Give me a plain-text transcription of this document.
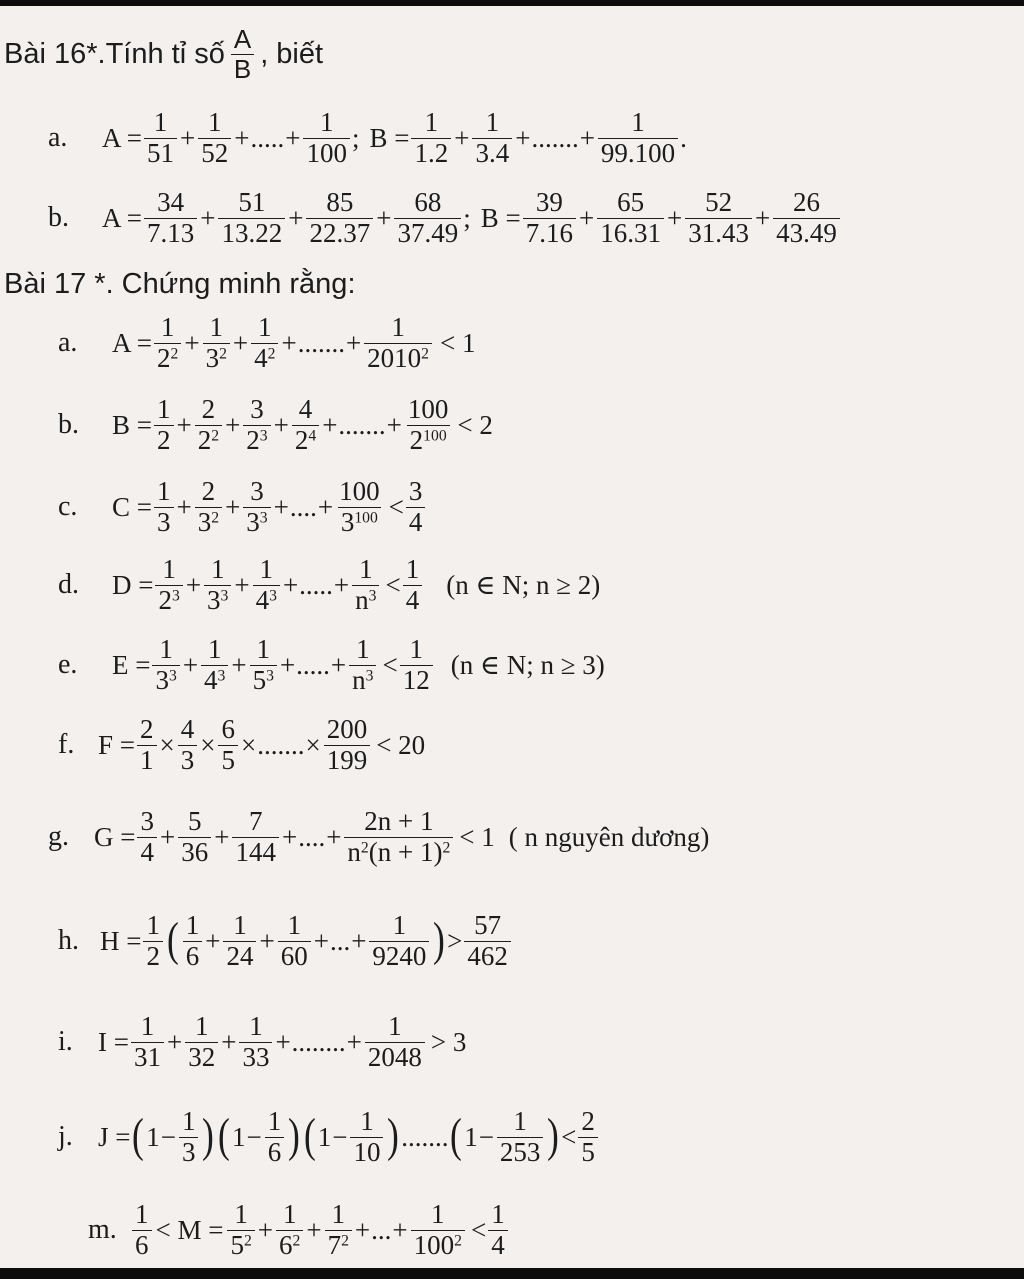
Bài 16*.Tính tỉ số $\frac{A}{B}$ , biết
a.	$A = \frac{1}{51} + \frac{1}{52}$ + ..... + $\frac{1}{100}$ ; $B = \frac{1}{1.2} + \frac{1}{3.4}$ + ....... + $\frac{1}{99.100}$ .
b.	$A = \frac{34}{7.13} + \frac{51}{13.22} + \frac{85}{22.37} + \frac{68}{37.49}$ ; $B = \frac{39}{7.16} + \frac{65}{16.31} + \frac{52}{31.43} + \frac{26}{43.49}$
Bài 17 *. Chứng minh rằng:
a.	$A = \frac{1}{2^2} + \frac{1}{3^2} + \frac{1}{4^2}$ + ....... + $\frac{1}{2010^2} < 1$
b.	$B = \frac{1}{2} + \frac{2}{2^2} + \frac{3}{2^3} + \frac{4}{2^4}$ + ....... + $\frac{100}{2^{100}} < 2$
c.	$C = \frac{1}{3} + \frac{2}{3^2} + \frac{3}{3^3}$ + .... + $\frac{100}{3^{100}} < \frac{3}{4}$
d.	$D = \frac{1}{2^3} + \frac{1}{3^3} + \frac{1}{4^3}$ + ..... + $\frac{1}{n^3} < \frac{1}{4} (n$ ∈ N; n ≥ 2)
e.	$E = \frac{1}{3^3} + \frac{1}{4^3} + \frac{1}{5^3}$ + ..... + $\frac{1}{n^3} < \frac{1}{12} (n$ ∈ N; n ≥ 3)
f. $F = \frac{2}{1} \times \frac{4}{3} \times \frac{6}{5}$ × ....... × $\frac{200}{199} < 20$
g. $G = \frac{3}{4} + \frac{5}{36} + \frac{7}{144}$ + .... + $\frac{2n + 1}{n^2(n + 1)^2} < 1$ ( n nguyên dương)
h. $H = \frac{1}{2}$ ( $\frac{1}{6} + \frac{1}{24} + \frac{1}{60}$ + ... + $\frac{1}{9240}$ ) > $\frac{57}{462}$
i. $I = \frac{1}{31} + \frac{1}{32} + \frac{1}{33}$ + ........ + $\frac{1}{2048} > 3$
j. J = ( $1 - \frac{1}{3}$ ) ( $1 - \frac{1}{6}$ ) ( $1 - \frac{1}{10}$ ) ....... ( $1 - \frac{1}{253}$ ) < $\frac{2}{5}$
m. $\frac{1}{6} < M = \frac{1}{5^2} + \frac{1}{6^2} + \frac{1}{7^2}$ + ... + $\frac{1}{100^2} < \frac{1}{4}$
